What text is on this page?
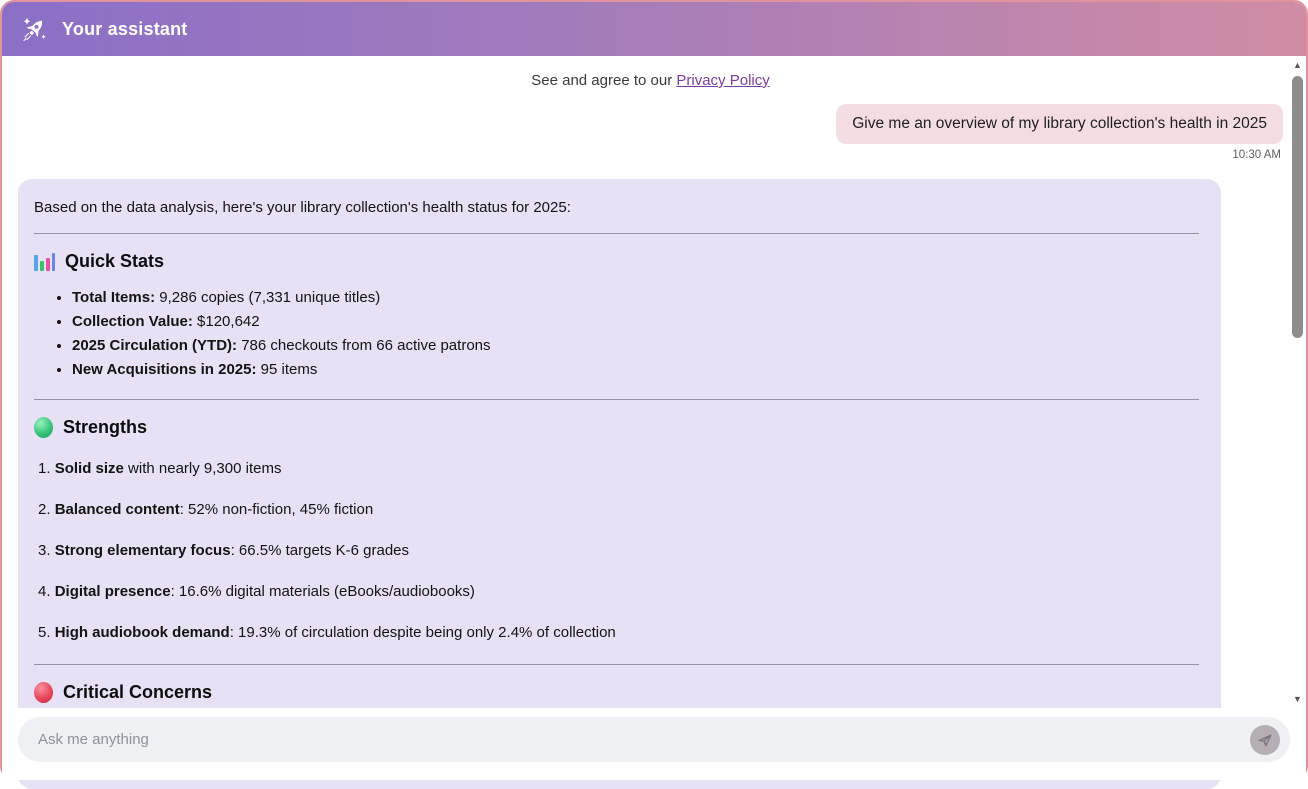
Your assistant
See and agree to our Privacy Policy
Give me an overview of my library collection's health in 2025
10:30 AM

Based on the data analysis, here's your library collection's health status for 2025:

Quick Stats
• Total Items: 9,286 copies (7,331 unique titles)
• Collection Value: $120,642
• 2025 Circulation (YTD): 786 checkouts from 66 active patrons
• New Acquisitions in 2025: 95 items
Strengths

1. Solid size with nearly 9,300 items

2. Balanced content: 52% non-fiction, 45% fiction

3. Strong elementary focus: 66.5% targets K-6 grades

4. Digital presence: 16.6% digital materials (eBooks/audiobooks)

5. High audiobook demand: 19.3% of circulation despite being only 2.4% of collection

Critical Concerns

▲
▼
Ask me anything
